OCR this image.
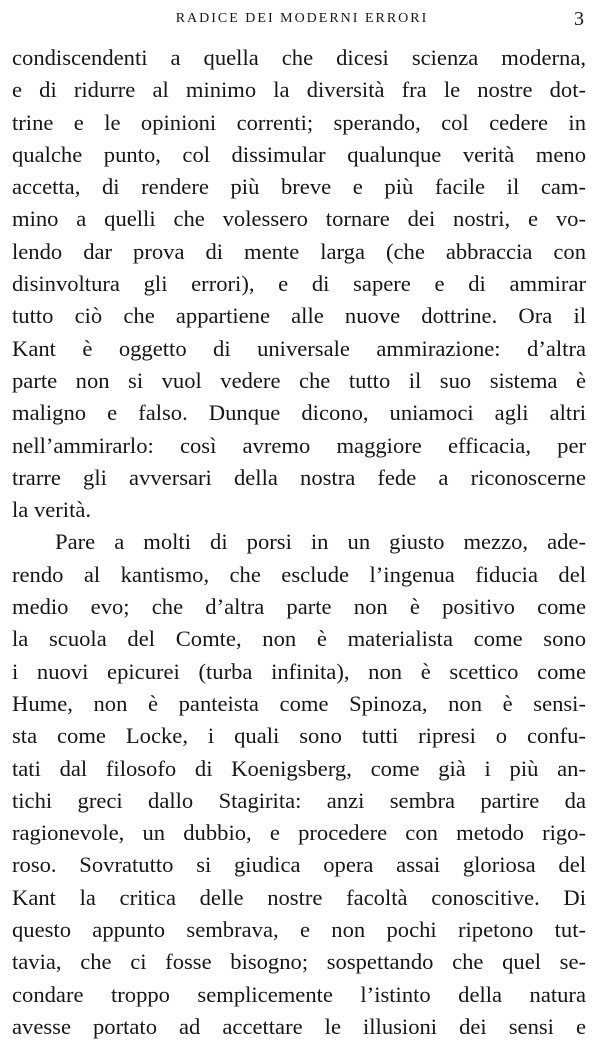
RADICE DEI MODERNI ERRORI	3
condiscendenti a quella che dicesi scienza moderna,
e di ridurre al minimo la diversità fra le nostre dot-
trine e le opinioni correnti; sperando, col cedere in
qualche punto, col dissimular qualunque verità meno
accetta, di rendere più breve e più facile il cam-
mino a quelli che volessero tornare dei nostri, e vo-
lendo dar prova di mente larga (che abbraccia con
disinvoltura gli errori), e di sapere e di ammirar
tutto ciò che appartiene alle nuove dottrine. Ora il
Kant è oggetto di universale ammirazione: d’altra
parte non si vuol vedere che tutto il suo sistema è
maligno e falso. Dunque dicono, uniamoci agli altri
nell’ammirarlo: così avremo maggiore efficacia, per
trarre gli avversari della nostra fede a riconoscerne
la verità.
Pare a molti di porsi in un giusto mezzo, ade-
rendo al kantismo, che esclude l’ingenua fiducia del
medio evo; che d’altra parte non è positivo come
la scuola del Comte, non è materialista come sono
i nuovi epicurei (turba infinita), non è scettico come
Hume, non è panteista come Spinoza, non è sensi-
sta come Locke, i quali sono tutti ripresi o confu-
tati dal filosofo di Koenigsberg, come già i più an-
tichi greci dallo Stagirita: anzi sembra partire da
ragionevole, un dubbio, e procedere con metodo rigo-
roso. Sovratutto si giudica opera assai gloriosa del
Kant la critica delle nostre facoltà conoscitive. Di
questo appunto sembrava, e non pochi ripetono tut-
tavia, che ci fosse bisogno; sospettando che quel se-
condare troppo semplicemente l’istinto della natura
avesse portato ad accettare le illusioni dei sensi e
